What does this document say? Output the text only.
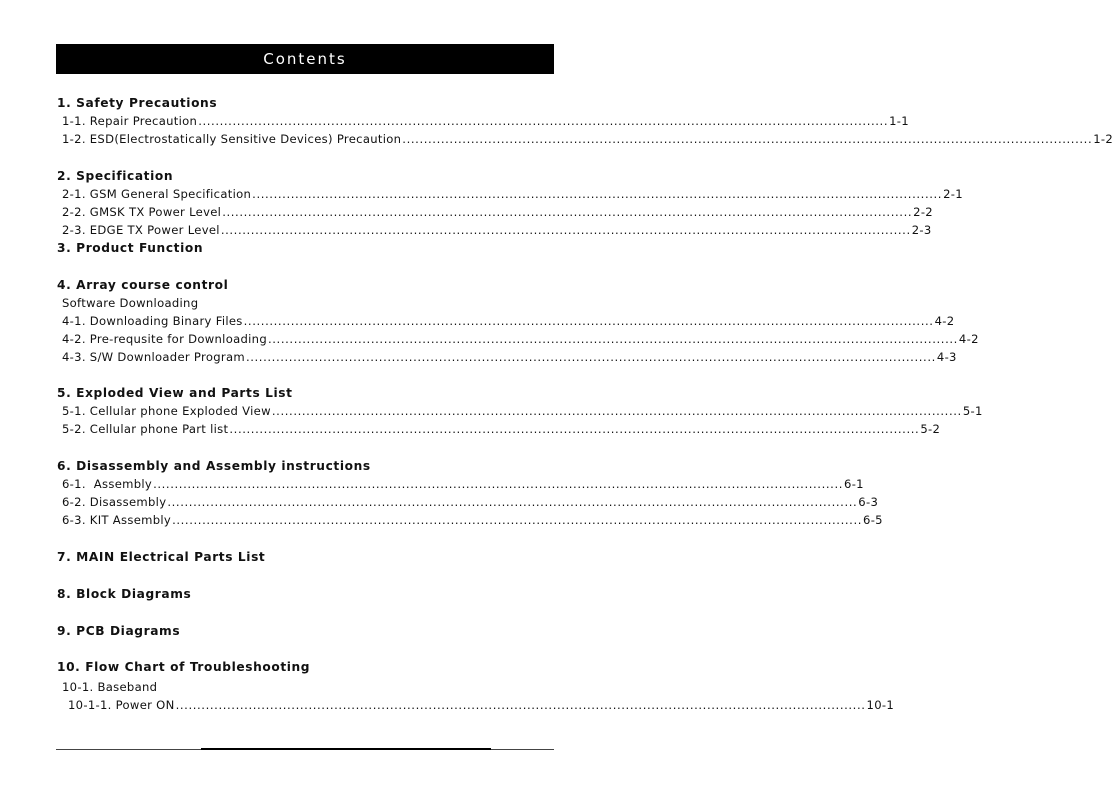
Contents
1. Safety Precautions
1-1. Repair Precaution ................................................................................................................................................................. 1-1
1-2. ESD(Electrostatically Sensitive Devices) Precaution ................................................................................................................................................................. 1-2
2. Specification
2-1. GSM General Specification ................................................................................................................................................................. 2-1
2-2. GMSK TX Power Level ................................................................................................................................................................. 2-2
2-3. EDGE TX Power Level ................................................................................................................................................................. 2-3
3. Product Function
4. Array course control
Software Downloading
4-1. Downloading Binary Files ................................................................................................................................................................. 4-2
4-2. Pre-requsite for Downloading ................................................................................................................................................................. 4-2
4-3. S/W Downloader Program ................................................................................................................................................................. 4-3
5. Exploded View and Parts List
5-1. Cellular phone Exploded View ................................................................................................................................................................. 5-1
5-2. Cellular phone Part list ................................................................................................................................................................. 5-2
6. Disassembly and Assembly instructions
6-1.  Assembly ................................................................................................................................................................. 6-1
6-2. Disassembly ................................................................................................................................................................. 6-3
6-3. KIT Assembly ................................................................................................................................................................. 6-5
7. MAIN Electrical Parts List
8. Block Diagrams
9. PCB Diagrams
10. Flow Chart of Troubleshooting
10-1. Baseband
10-1-1. Power ON ................................................................................................................................................................. 10-1
